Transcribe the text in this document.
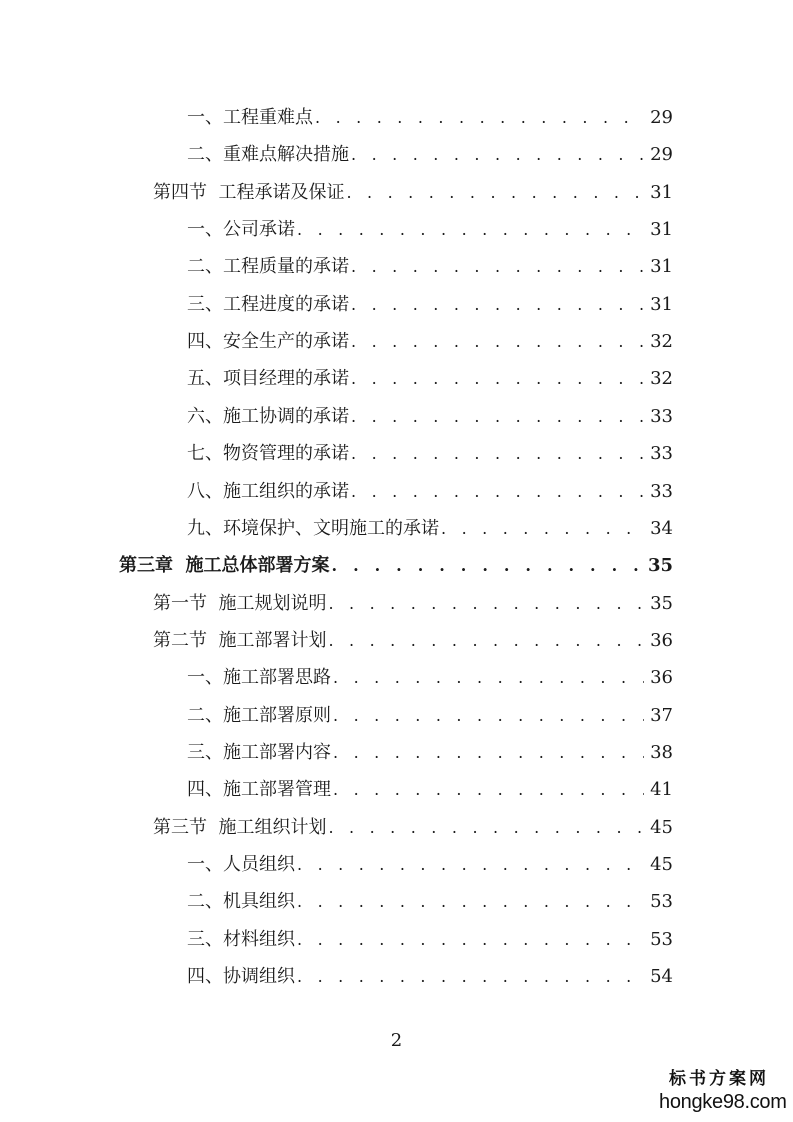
一、工程重难点 . . .	29
二、重难点解决措施 . . .	29
第四节  工程承诺及保证 . . .	31
一、公司承诺 . . .	31
二、工程质量的承诺 . . .	31
三、工程进度的承诺 . . .	31
四、安全生产的承诺 . . .	32
五、项目经理的承诺 . . .	32
六、施工协调的承诺 . . .	33
七、物资管理的承诺 . . .	33
八、施工组织的承诺 . . .	33
九、环境保护、文明施工的承诺 . . .	34
第三章  施工总体部署方案 . . .	35
第一节  施工规划说明 . . .	35
第二节  施工部署计划 . . .	36
一、施工部署思路 . . .	36
二、施工部署原则 . . .	37
三、施工部署内容 . . .	38
四、施工部署管理 . . .	41
第三节  施工组织计划 . . .	45
一、人员组织 . . .	45
二、机具组织 . . .	53
三、材料组织 . . .	53
四、协调组织 . . .	54
2
标书方案网
hongke98.com
